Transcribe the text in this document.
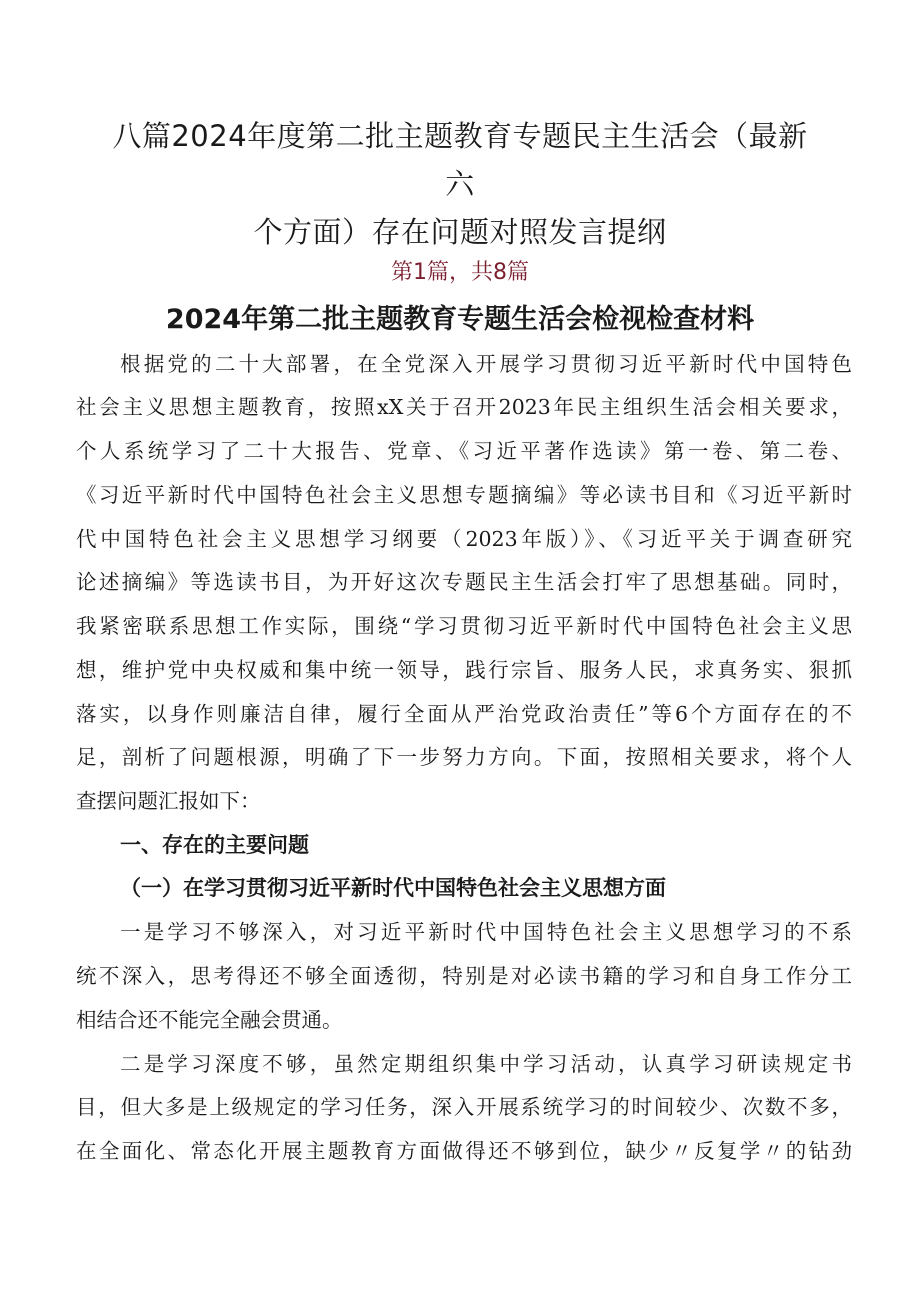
八篇2024年度第二批主题教育专题民主生活会（最新六
个方面）存在问题对照发言提纲
第1篇，共8篇
2024年第二批主题教育专题生活会检视检查材料
根据党的二十大部署，在全党深入开展学习贯彻习近平新时代中国特色
社会主义思想主题教育，按照xX关于召开2023年民主组织生活会相关要求，
个人系统学习了二十大报告、党章、《习近平著作选读》第一卷、第二卷、
《习近平新时代中国特色社会主义思想专题摘编》等必读书目和《习近平新时
代中国特色社会主义思想学习纲要（2023年版）》、《习近平关于调查研究
论述摘编》等选读书目，为开好这次专题民主生活会打牢了思想基础。同时，
我紧密联系思想工作实际，围绕“学习贯彻习近平新时代中国特色社会主义思
想，维护党中央权威和集中统一领导，践行宗旨、服务人民，求真务实、狠抓
落实，以身作则廉洁自律，履行全面从严治党政治责任”等6个方面存在的不
足，剖析了问题根源，明确了下一步努力方向。下面，按照相关要求，将个人
查摆问题汇报如下：
一、存在的主要问题
（一）在学习贯彻习近平新时代中国特色社会主义思想方面
一是学习不够深入，对习近平新时代中国特色社会主义思想学习的不系
统不深入，思考得还不够全面透彻，特别是对必读书籍的学习和自身工作分工
相结合还不能完全融会贯通。
二是学习深度不够，虽然定期组织集中学习活动，认真学习研读规定书
目，但大多是上级规定的学习任务，深入开展系统学习的时间较少、次数不多，
在全面化、常态化开展主题教育方面做得还不够到位，缺少〃反复学〃的钻劲
